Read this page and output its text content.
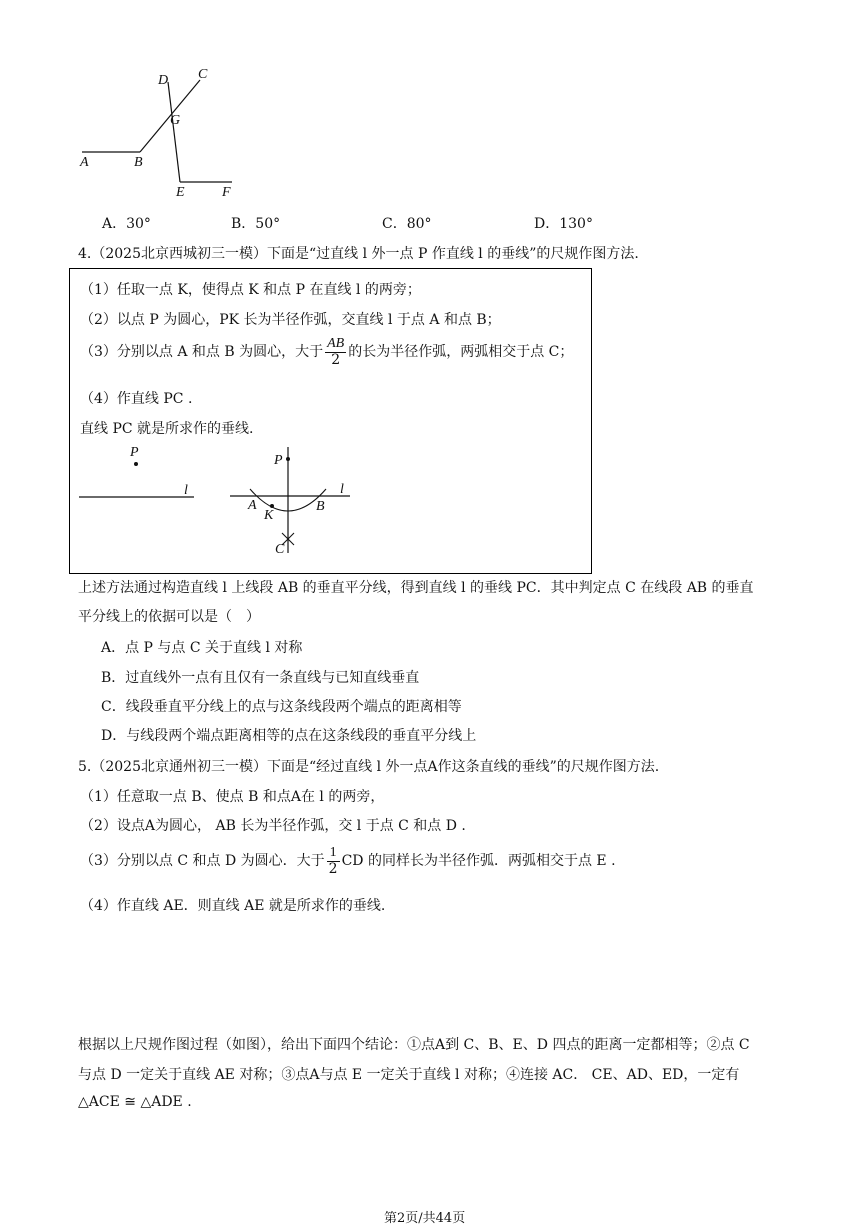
D C
G
A	B
E	F
A．30°	B．50°	C．80°	D．130°
4.（2025北京西城初三一模）下面是“过直线 l 外一点 P 作直线 l 的垂线”的尺规作图方法.
（1）任取一点 K，使得点 K 和点 P 在直线 l 的两旁；
（2）以点 P 为圆心，PK 长为半径作弧，交直线 l 于点 A 和点 B；
（3）分别以点 A 和点 B 为圆心，大于 $\frac{AB}{2}$ 的长为半径作弧，两弧相交于点 C；
（4）作直线 PC .
直线 PC 就是所求作的垂线.
P
l
P
l
A
K
B
C
上述方法通过构造直线 l 上线段 AB 的垂直平分线，得到直线 l 的垂线 PC．其中判定点 C 在线段 AB 的垂直
平分线上的依据可以是（　）
A．点 P 与点 C 关于直线 l 对称
B．过直线外一点有且仅有一条直线与已知直线垂直
C．线段垂直平分线上的点与这条线段两个端点的距离相等
D．与线段两个端点距离相等的点在这条线段的垂直平分线上
5.（2025北京通州初三一模）下面是“经过直线 l 外一点A作这条直线的垂线”的尺规作图方法.
（1）任意取一点 B、使点 B 和点A在 l 的两旁，
（2）设点A为圆心， AB 长为半径作弧，交 l 于点 C 和点 D .
（3）分别以点 C 和点 D 为圆心．大于 $\frac{1}{2}$ CD 的同样长为半径作弧．两弧相交于点 E .
（4）作直线 AE．则直线 AE 就是所求作的垂线.
根据以上尺规作图过程（如图），给出下面四个结论：①点A到 C、B、E、D 四点的距离一定都相等；②点 C
与点 D 一定关于直线 AE 对称；③点A与点 E 一定关于直线 l 对称；④连接 AC． CE、AD、ED，一定有
△ACE ≅ △ADE .
第2页/共44页
